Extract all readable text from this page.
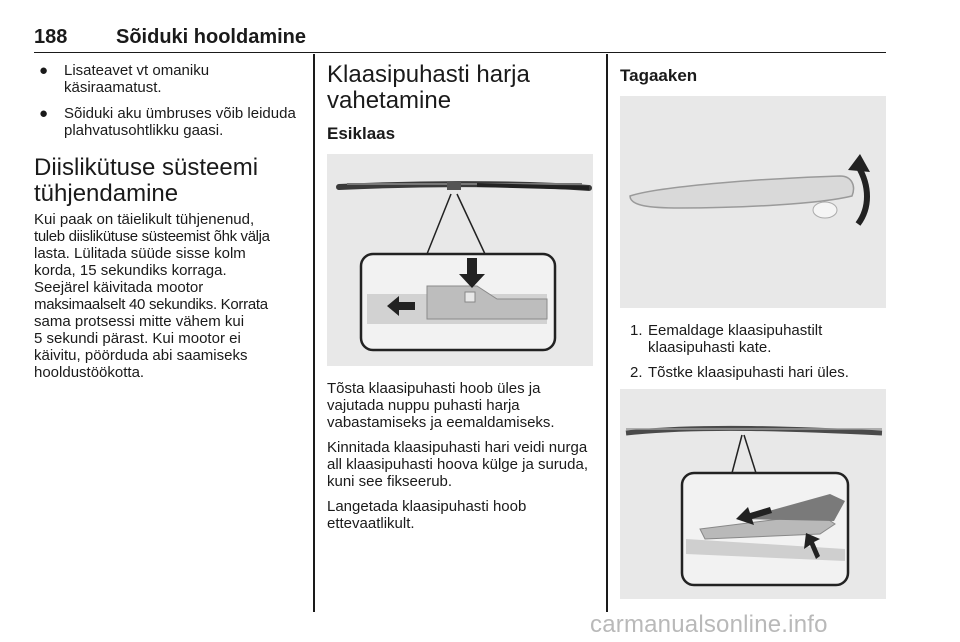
188 Sõiduki hooldamine
● Lisateavet vt omaniku käsiraamatust.
● Sõiduki aku ümbruses võib leiduda plahvatusohtlikku gaasi.
Diislikütuse süsteemi tühjendamine

Kui paak on täielikult tühjenenud,
tuleb diislikütuse süsteemist õhk välja
lasta. Lülitada süüde sisse kolm
korda, 15 sekundiks korraga.
Seejärel käivitada mootor
maksimaalselt 40 sekundiks. Korrata
sama protsessi mitte vähem kui
5 sekundi pärast. Kui mootor ei
käivitu, pöörduda abi saamiseks
hooldustöökotta.

Klaasipuhasti harja vahetamine
Esiklaas

Tõsta klaasipuhasti hoob üles ja vajutada nuppu puhasti harja vabastamiseks ja eemaldamiseks.

Kinnitada klaasipuhasti hari veidi nurga all klaasipuhasti hoova külge ja suruda, kuni see fikseerub.

Langetada klaasipuhasti hoob ettevaatlikult.

Tagaaken
1. Eemaldage klaasipuhastilt klaasipuhasti kate.
2. Tõstke klaasipuhasti hari üles.
carmanualsonline.info
